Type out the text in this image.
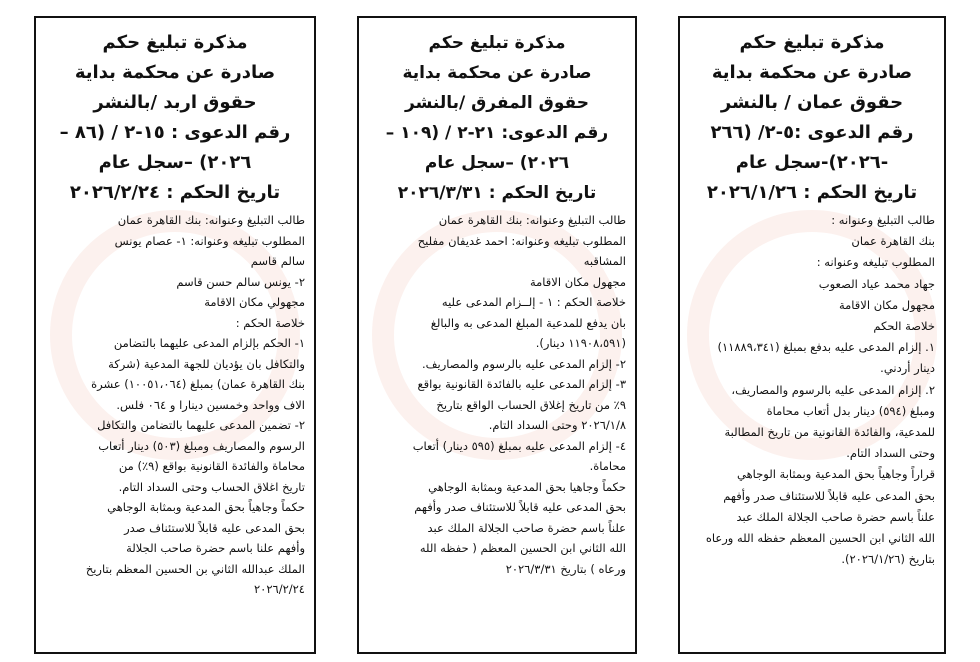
مذكرة تبليغ حكم
صادرة عن محكمة بداية
حقوق اربد /بالنشر
رقم الدعوى : ١٥-٢ / (٨٦ –
٢٠٢٦) –سجل عام
تاريخ الحكم : ٢٠٢٦/٢/٢٤
طالب التبليغ وعنوانه: بنك القاهرة عمان
المطلوب تبليغه وعنوانه: ١- عصام يونس
سالم قاسم
٢- يونس سالم حسن قاسم
مجهولي مكان الاقامة
خلاصة الحكم :
١- الحكم بإلزام المدعى عليهما بالتضامن
والتكافل بان يؤديان للجهة المدعية (شركة
بنك القاهرة عمان) بمبلغ (١٠٠٥١،٠٦٤) عشرة
الاف وواحد وخمسين دينارا و ٠٦٤ فلس.
٢- تضمين المدعى عليهما بالتضامن والتكافل
الرسوم والمصاريف ومبلغ (٥٠٣) دينار أتعاب
محاماة والفائدة القانونية بواقع (٩٪) من
تاريخ اغلاق الحساب وحتى السداد التام.
حكماً وجاهياً بحق المدعية وبمثابة الوجاهي
بحق المدعى عليه قابلاً للاستئناف صدر
وأفهم علنا باسم حضرة صاحب الجلالة
الملك عبدالله الثاني بن الحسين المعظم بتاريخ
٢٠٢٦/٢/٢٤
مذكرة تبليغ حكم
صادرة عن محكمة بداية
حقوق المفرق /بالنشر
رقم الدعوى: ٢١-٢ / (١٠٩ –
٢٠٢٦) –سجل عام
تاريخ الحكم : ٢٠٢٦/٣/٣١
طالب التبليغ وعنوانه: بنك القاهرة عمان
المطلوب تبليغه وعنوانه: احمد غديفان مفليح
المشاقبه
مجهول مكان الاقامة
خلاصة الحكم : ١ - إلــزام المدعى عليه
بان يدفع للمدعية المبلغ المدعى به والبالغ
(١١٩٠٨،٥٩١ دينار).
٢- إلزام المدعى عليه بالرسوم والمصاريف.
٣- إلزام المدعى عليه بالفائدة القانونية بواقع
٩٪ من تاريخ إغلاق الحساب الواقع بتاريخ
٢٠٢٦/١/٨ وحتى السداد التام.
٤- إلزام المدعى عليه بمبلغ (٥٩٥ دينار) أتعاب
محاماة.
حكماً وجاهيا بحق المدعية وبمثابة الوجاهي
بحق المدعى عليه قابلاً للاستئناف صدر وأفهم
علناً باسم حضرة صاحب الجلالة الملك عبد
الله الثاني ابن الحسين المعظم ( حفظه الله
ورعاه ) بتاريخ ٢٠٢٦/٣/٣١
مذكرة تبليغ حكم
صادرة عن محكمة بداية
حقوق عمان / بالنشر
رقم الدعوى :٥-٢/ (٢٦٦
-٢٠٢٦)-سجل عام
تاريخ الحكم : ٢٠٢٦/١/٢٦
طالب التبليغ وعنوانه :
بنك القاهرة عمان
المطلوب تبليغه وعنوانه :
جهاد محمد عياد الصعوب
مجهول مكان الاقامة
خلاصة الحكم
١. إلزام المدعى عليه بدفع بمبلغ (١١٨٨٩،٣٤١)
دينار أردني.
٢. إلزام المدعى عليه بالرسوم والمصاريف،
ومبلغ (٥٩٤) دينار بدل أتعاب محاماة
للمدعية، والفائدة القانونية من تاريخ المطالبة
وحتى السداد التام.
قراراً وجاهياً بحق المدعية وبمثابة الوجاهي
بحق المدعى عليه قابلاً للاستئناف صدر وأفهم
علناً باسم حضرة صاحب الجلالة الملك عبد
الله الثاني ابن الحسين المعظم حفظه الله ورعاه
بتاريخ (٢٠٢٦/١/٢٦).
